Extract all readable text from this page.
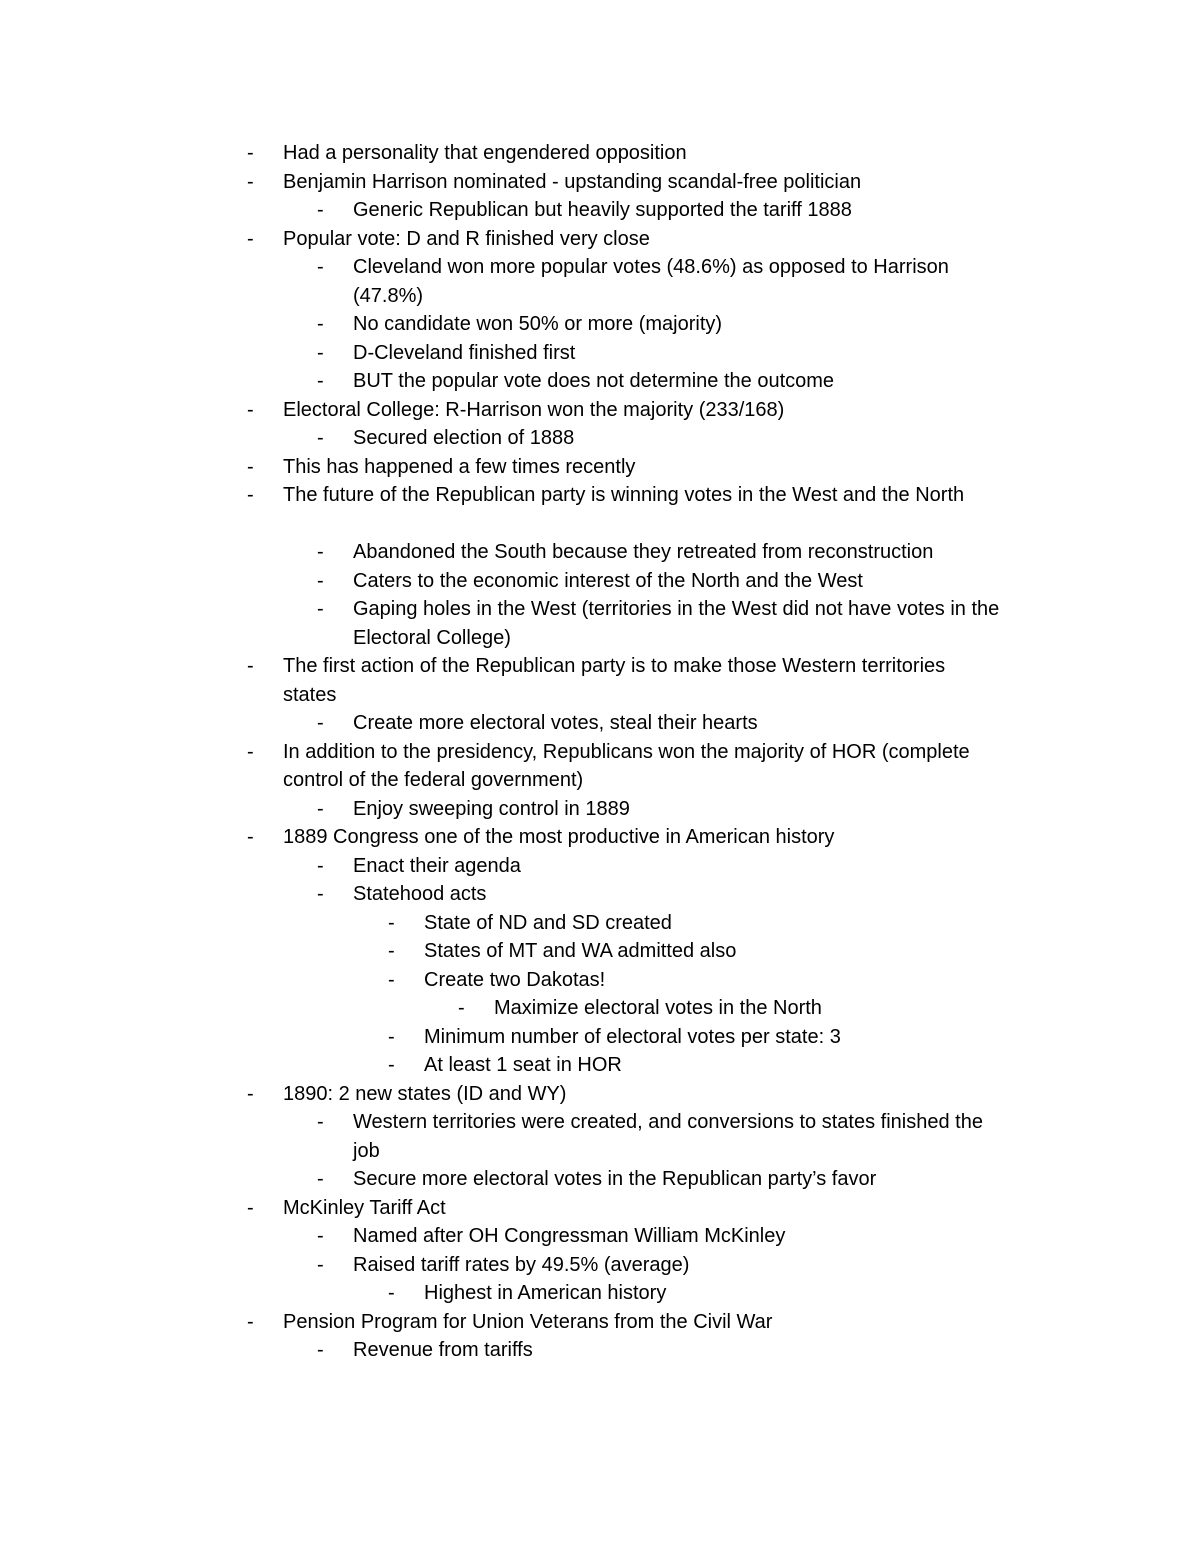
- Had a personality that engendered opposition
- Benjamin Harrison nominated - upstanding scandal-free politician
- Generic Republican but heavily supported the tariff 1888
- Popular vote: D and R finished very close
- Cleveland won more popular votes (48.6%) as opposed to Harrison
(47.8%)
- No candidate won 50% or more (majority)
- D-Cleveland finished first
- BUT the popular vote does not determine the outcome
- Electoral College: R-Harrison won the majority (233/168)
- Secured election of 1888
- This has happened a few times recently
- The future of the Republican party is winning votes in the West and the North
- Abandoned the South because they retreated from reconstruction
- Caters to the economic interest of the North and the West
- Gaping holes in the West (territories in the West did not have votes in the
Electoral College)
- The first action of the Republican party is to make those Western territories
states
- Create more electoral votes, steal their hearts
- In addition to the presidency, Republicans won the majority of HOR (complete
control of the federal government)
- Enjoy sweeping control in 1889
- 1889 Congress one of the most productive in American history
- Enact their agenda
- Statehood acts
- State of ND and SD created
- States of MT and WA admitted also
- Create two Dakotas!
- Maximize electoral votes in the North
- Minimum number of electoral votes per state: 3
- At least 1 seat in HOR
- 1890: 2 new states (ID and WY)
- Western territories were created, and conversions to states finished the
job
- Secure more electoral votes in the Republican party’s favor
- McKinley Tariff Act
- Named after OH Congressman William McKinley
- Raised tariff rates by 49.5% (average)
- Highest in American history
- Pension Program for Union Veterans from the Civil War
- Revenue from tariffs
